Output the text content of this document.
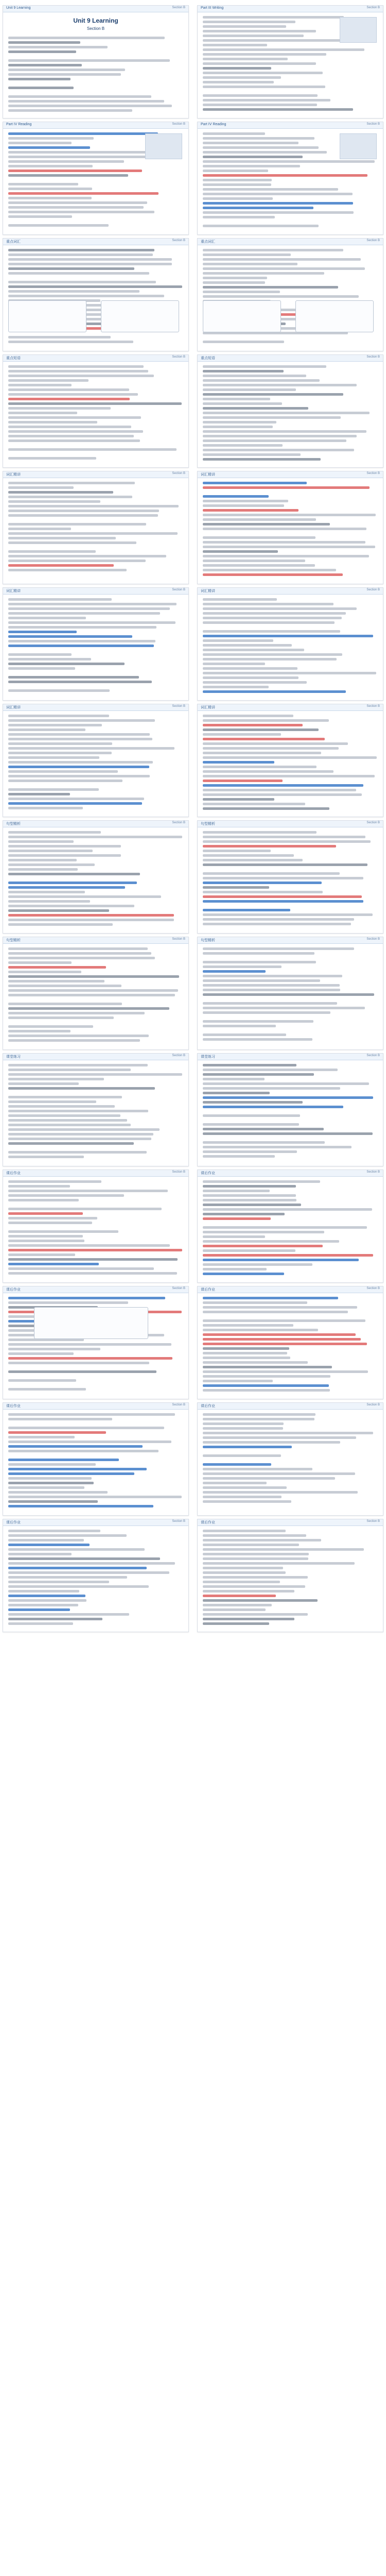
Unit 9 Learning	Section B
Unit 9 Learning
Section B
Part III Writing	Section B
Part IV Reading	Section B	Part IV Reading	Section B
重点词汇	Section B	重点词汇	Section B
重点短语	Section B	重点短语	Section B
词汇精讲	Section B	词汇精讲	Section B
词汇精讲	Section B	词汇精讲	Section B
词汇精讲	Section B	词汇精讲	Section B
句型精析	Section B	句型精析	Section B
句型精析	Section B	句型精析	Section B
课堂练习	Section B	课堂练习	Section B
课后作业	Section B	课后作业	Section B
课后作业	Section B	课后作业	Section B
课后作业	Section B	课后作业	Section B
课后作业	Section B	课后作业	Section B
